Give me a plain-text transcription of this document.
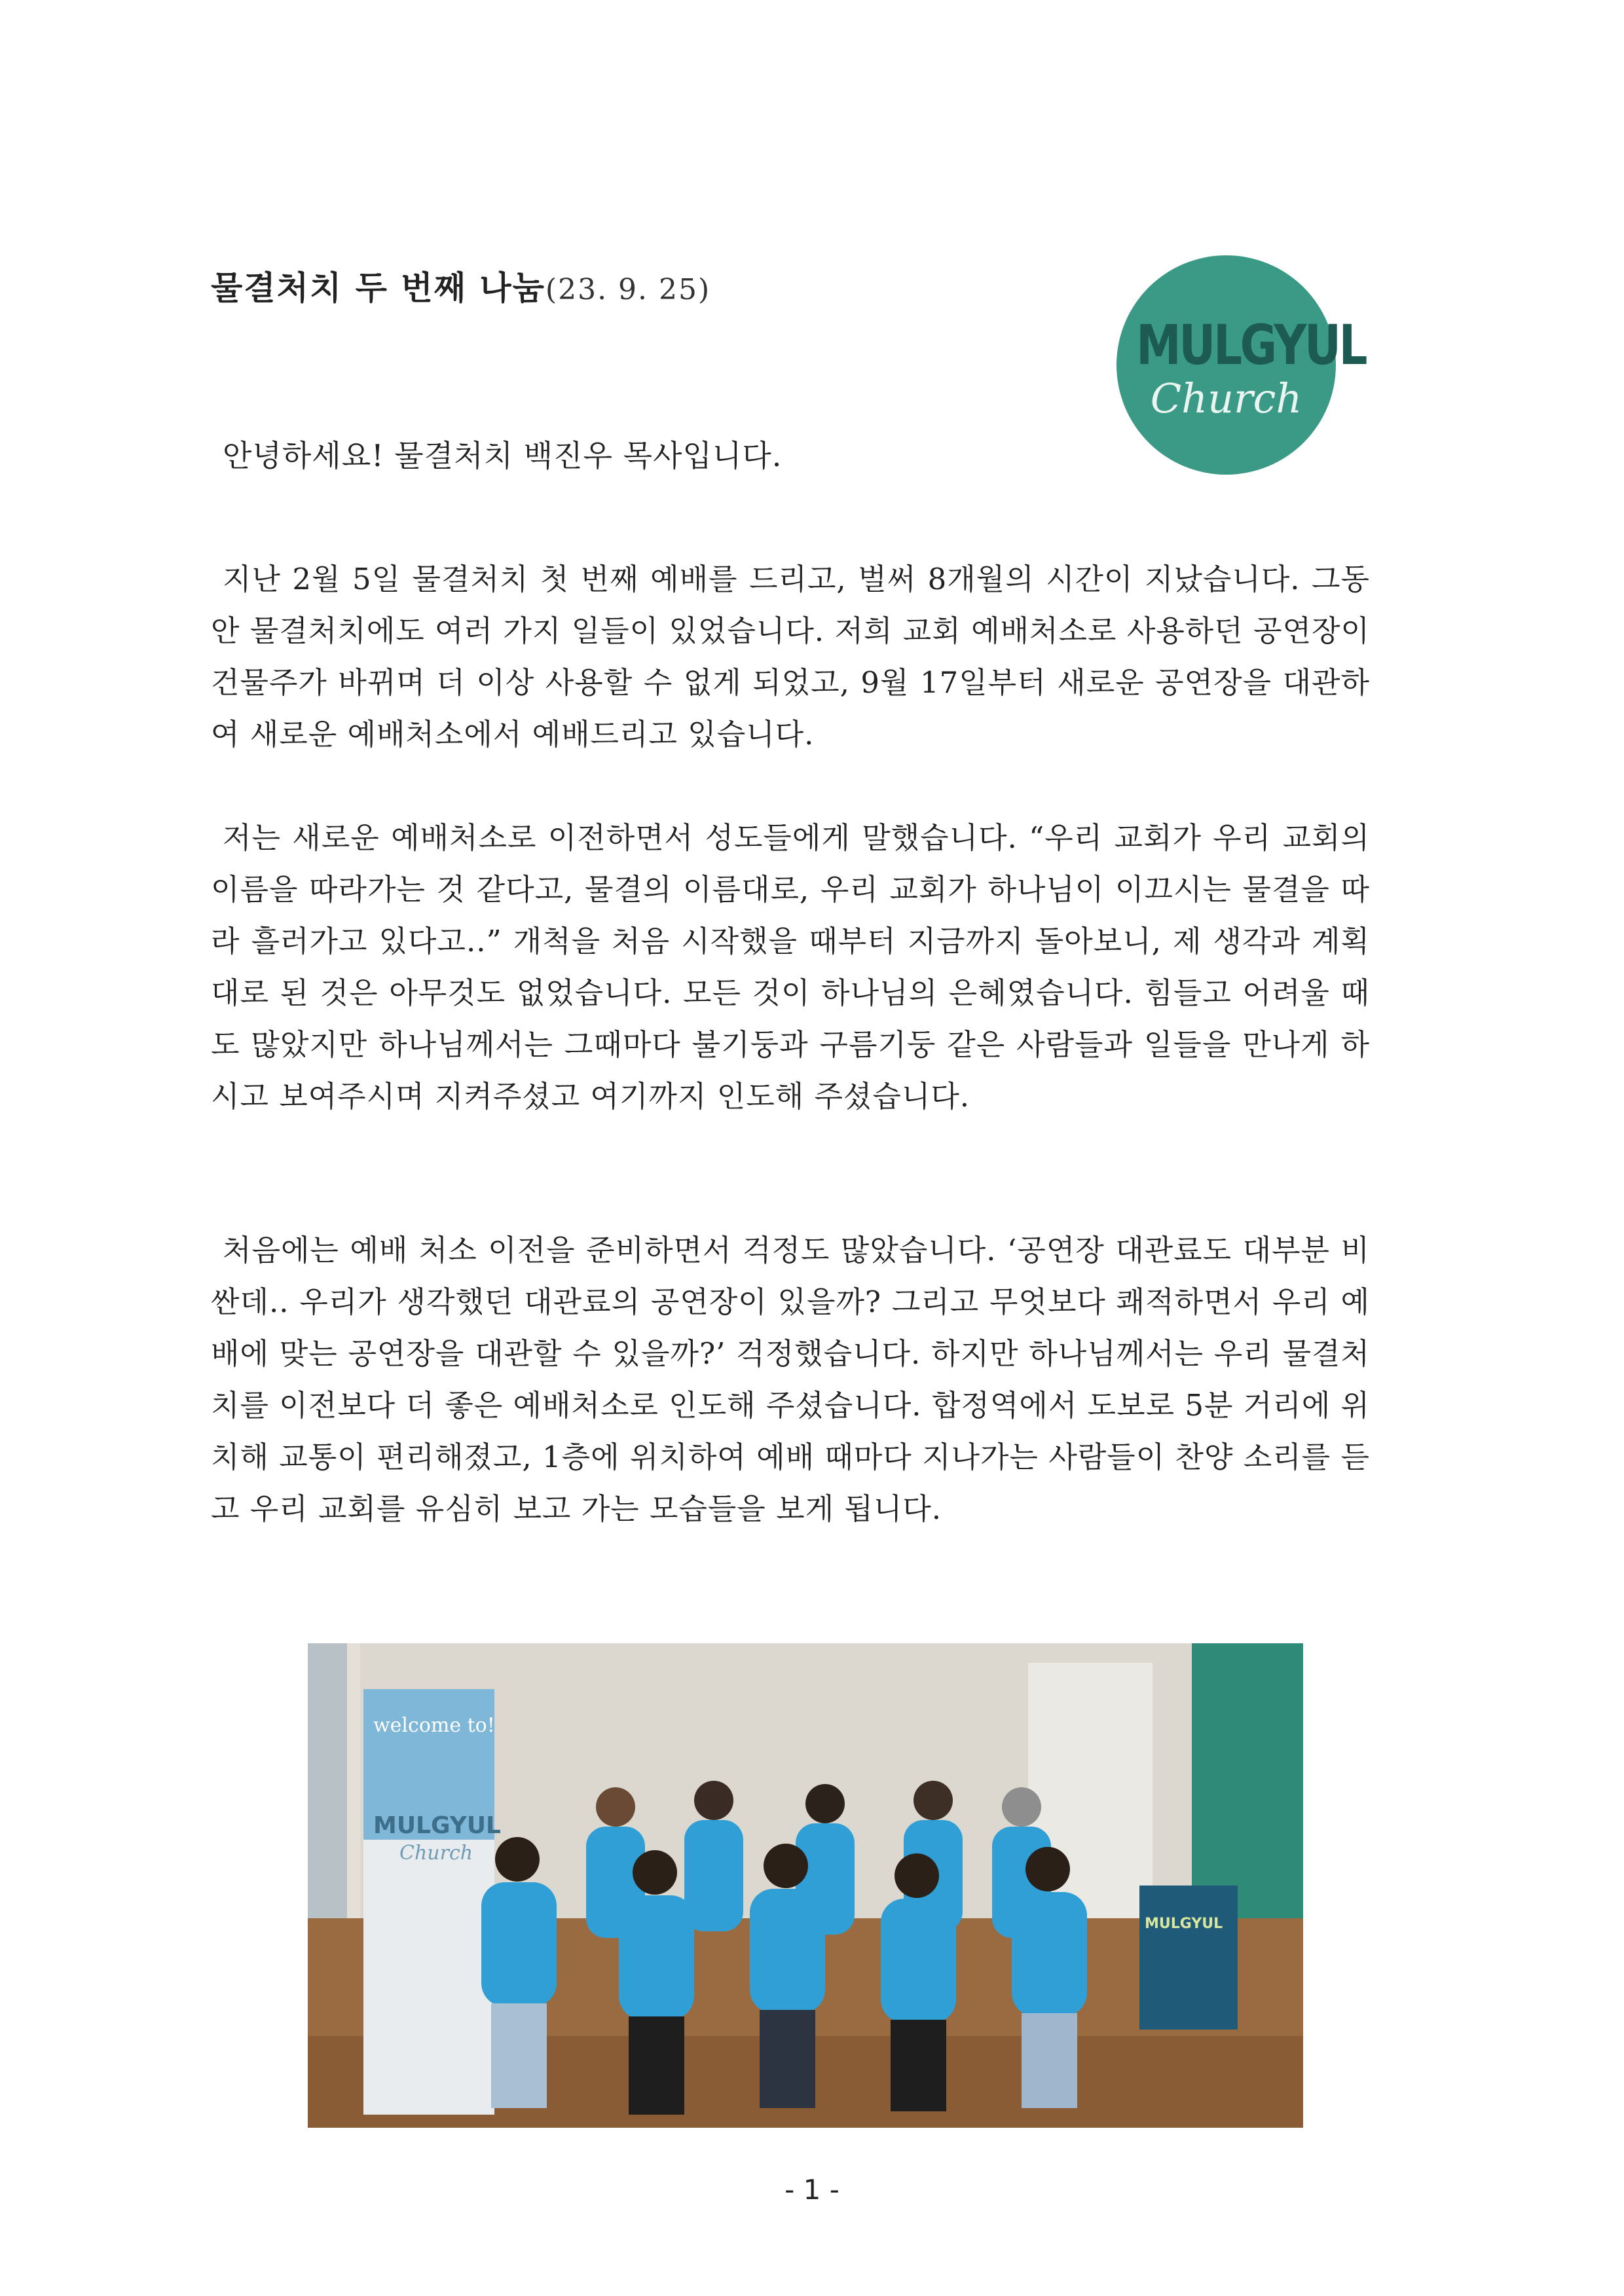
물결처치 두 번째 나눔(23. 9. 25)
MULGYUL
Church
안녕하세요! 물결처치 백진우 목사입니다.

지난 2월 5일 물결처치 첫 번째 예배를 드리고, 벌써 8개월의 시간이 지났습니다. 그동안 물결처치에도 여러 가지 일들이 있었습니다. 저희 교회 예배처소로 사용하던 공연장이 건물주가 바뀌며 더 이상 사용할 수 없게 되었고, 9월 17일부터 새로운 공연장을 대관하여 새로운 예배처소에서 예배드리고 있습니다.

저는 새로운 예배처소로 이전하면서 성도들에게 말했습니다. “우리 교회가 우리 교회의 이름을 따라가는 것 같다고, 물결의 이름대로, 우리 교회가 하나님이 이끄시는 물결을 따라 흘러가고 있다고..” 개척을 처음 시작했을 때부터 지금까지 돌아보니, 제 생각과 계획대로 된 것은 아무것도 없었습니다. 모든 것이 하나님의 은혜였습니다. 힘들고 어려울 때도 많았지만 하나님께서는 그때마다 불기둥과 구름기둥 같은 사람들과 일들을 만나게 하시고 보여주시며 지켜주셨고 여기까지 인도해 주셨습니다.

처음에는 예배 처소 이전을 준비하면서 걱정도 많았습니다. ‘공연장 대관료도 대부분 비싼데.. 우리가 생각했던 대관료의 공연장이 있을까? 그리고 무엇보다 쾌적하면서 우리 예배에 맞는 공연장을 대관할 수 있을까?’ 걱정했습니다. 하지만 하나님께서는 우리 물결처치를 이전보다 더 좋은 예배처소로 인도해 주셨습니다. 합정역에서 도보로 5분 거리에 위치해 교통이 편리해졌고, 1층에 위치하여 예배 때마다 지나가는 사람들이 찬양 소리를 듣고 우리 교회를 유심히 보고 가는 모습들을 보게 됩니다.

welcome to!
MULGYUL
Church
MULGYUL
- 1 -
